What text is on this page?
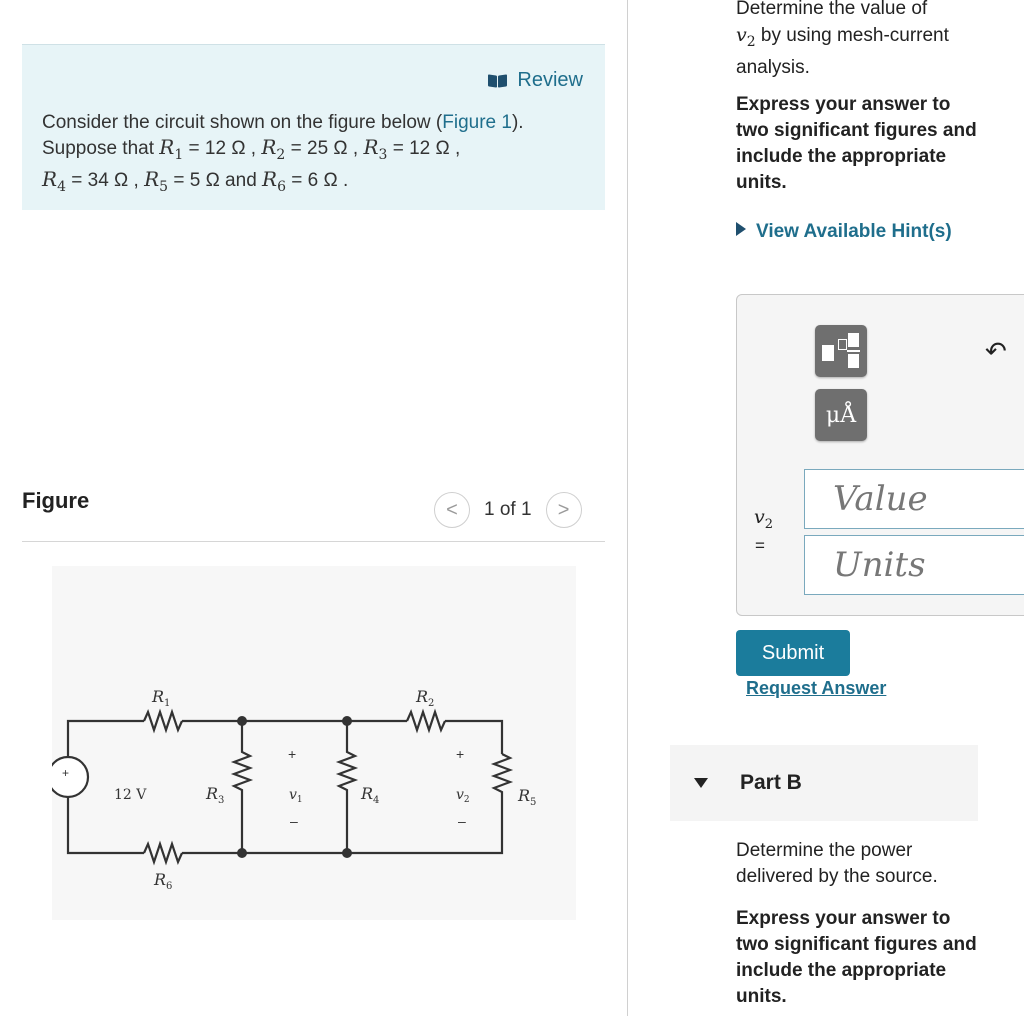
Review
Consider the circuit shown on the figure below (Figure 1).
Suppose that $R_1 = 12$ Ω , $R_2 = 25$ Ω , $R_3 = 12$ Ω ,
$R_4 = 34$ Ω , $R_5 = 5$ Ω and $R_6 = 6$ Ω .
Figure	< 1 of 1 >
$R_1$	$R_2$
$R_3$	$R_4$	$R_5$
$R_6$
$v_1$	$v_2$
12 V
+
+
–
+
–
Determine the value of
$v_2$ by using mesh-current analysis.
Express your answer to two significant figures and include the appropriate units.
View Available Hint(s)
μÅ
↶
$v_2$
=
Value
Units
Submit
Request Answer
Part B
Determine the power delivered by the source.
Express your answer to two significant figures and include the appropriate units.
